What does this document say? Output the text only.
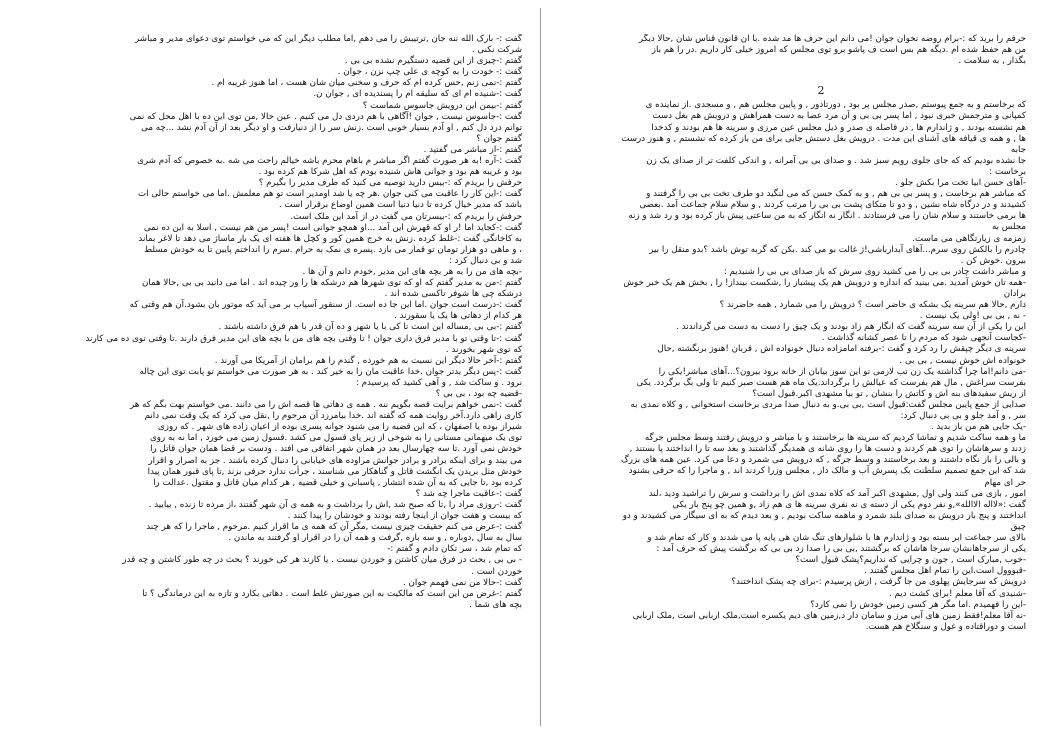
گفت :- بارک الله ننه جان ,ترتیبش را می دهم ,اما مطلب دیگر این که می خواستم توی دعوای مدیر و مباشر

شرکت نکنی .

گفتم :-چیزی از این قضیه دستگیرم نشده بی بی .

گفت :- خودت را به کوچه ی علی چپ نزن ، جوان .

گفتم :-نمی زنم ,حس کرده ام که حرف و سخنی میان شان هست ، اما هنوز غریبه ام .

گفت :-شنیده ام ای که سلیقه ام را پسندیده ای , جوان ن.

گفتم :-بیمن این درویش جاسوس شماست ؟

گفت :-جاسوس نیست , جوان !آگاهی با هم دردی دل می کنیم . عین حالا ,من توی این ده با اهل محل که نمی

توانم درد دل کنم , او آدم بسیار خوبی است .زنش سر را از دنیارفت و او دیگر بعد از آن آدم نشد ...چه می

گفتم جوان ؟

گفتم :-از مباشر می گفتید .

گفت :-آره !به هر صورت گفتم اگر مباشر م باهام محرم باشه خیالم راحت می شه .به خصوص که آدم شری

بود و غریبه هم بود و جوانی هاش شنیده بودم که اهل شرکا هم کرده بود .

حرفش را بریدم که :-بیس دارید توصیه می کنید که طرف مدیر را بگیرم ؟

گفت :-این کار را عاقبت می کنی جوان .هر چه یا شد اومدیر است تو هم معلمش .اما می خواستم حالی ات

باشد که مدیر خیال کرده تا دنیا دنیا است همین اوضاع برقرار است .

حرفش را بریدم که :-بیسرتان می گفت در از آمد این ملک است.

گفت :-کجاید اما !ر او که قهرش این آمد ...او همچو جوانی است !پسر من هم نیست , اسلا به این ده نمی

به کاخانگی گفت :-غلط کرده .زنش به خرج همین کور و کچل ها هفته ای یک بار ماساژ می دهد تا لاغر بماند

، و ماهی دو هزار تومان تو قمار می بازد .پسره ی نمک به حرام .سرم را انداختم پایین تا به خودش مسلط

شد و بی دنبال کرد :

-بچه های من را به هر بچه های این مدیر ,خودم دانم و آن ها .

گفتم :-من به مدیر گفتم که او که توی شهرها هم درشکه ها را ور چیده اند . اما می دانید بی بی ,حالا همان

درشکه چی ها شوفر تاکسی شده اند .

گفت :-درست است جوان .اما این جا ده است. از سنقور آسیاب بر می آید که موتور بان بشود.آن هم وقتی که

هر کدام از دهاتی ها یک یا سقورند .

گفتم :-بی بی ,مساله این است تا کی با یا شهر و ده آن قدر با هم فرق داشته باشند .

گفت :-تا وقتی تو با مدیر فرق داری جوان ! تا وقتی بچه های من با بچه های این مدیر فرق دارند .تا وقتی توی ده می کارند

که توی شهر بخورند .

گفتم :-آخر حالا دیگر این نسبت به هم خورده , گندم را هم برامان از آمریکا می آورند .

گفت :-پس دیگر بدتر جوان .خدا عاقبت مان را به خیر کند . به هر صورت می خواستم تو پابت توی این چاله

نرود . و ساکت شد , و آهی کشید که پرسیدم :

-قضیه چه بود ، بی بی ؟

گفت :-نمی خواهم برایت قصه بگویم ننه . همه ی دهاتی ها قصه اش را می دانند .می خواستم بهت بگم که هر

کاری راهی دارد.آخر روایت همه که گفته اند .خدا بیامرزد آن مرحوم را ,نقل می کرد که یک وقت نمی دانم

شیراز بوده یا اصفهان ، که این قضیه را می شنود جوانه پسری بوده از اعیان زاده های شهر . که روزی

توی یک میهمانی مستانی را به شوخی از زیر پای قسول می کشد .قسول زمین می خورد , اما نه به روی

خودش نمی آورد .تا سه چهارسال بعد در همان شهر اتفاقی می افتد . ودست بر قضا همان جوان قاتل را

می بیند و برای اینکه برادر و برادر جوانش مراوده های خیابانی را دنبال کرده باشند . جز به اصرار و اقرار

خودش مثل بریدن یک انگشت قاتل و گناهکار می شناسند ، جرأت ندارد حرفی بزند ,تا پای قبور همان پیدا

کرده بود ,تا جایی که به آن شده انتشار , پاسبانی و خیلی قضیه , هر کدام میان قاتل و مقتول .عدالت را

گفت :-عاقبت ماجرا چه شد ؟

گفت :-روزی مراد را ,تا که صبح شد ,اش را برداشت و به همه ی آن شهر گفتند ،از مرده تا زنده , بیایید .

که بیست و هفت جوان از اینجا رفته بودند و خودشان را پیدا کنند .

گفت :-عرض می کنم حقیقت چیزی نیست ,مگر آن که همه ی ما اقرار کنیم .مرحوم , ماجرا را که هر چند

سال به سال ,دوباره , و سه باره ,گرفت و همه آن را در اقرار او گرفتند به ماندن .

که تمام شد ، سر تکان دادم و گفتم :-

- بی بی , بحث در فرق میان کاشتن و خوردن نیست . یا کارند هر کی خورند ؟ بحث در چه طور کاشتن و چه قدر

خوردن است .

گفت :-حالا من نمی فهمم جوان .

گفتم :-غرض من این است که مالکیت به این صورتش غلط است . دهاتی بکارد و تازه به این درماندگی ؟ تا

بچه های شما .

حرفم را برید که :-برام روضه نخوان جوان !می دانم این حرف ها مد شده .با آن قانون قناس شان ,حالا دیگر

من هم حفظ شده ام .دیگه هم بس است ف پاشو برو توی مجلس که امروز خیلی کار داریم .در را هم باز

بگذار , به سلامت .

2

که برخاستم و به جمع پیوستم ,صدر مجلس پر بود , دورتادور , و پایین مجلس هم , و مسجدی .از نماینده ی

کمپانی و مترجمش خبری نبود , اما پسر بی بی و آن مرد عصا به دست همراهش و درویش هم بغل دست

هم نشسته بودند , و ژاندارم ها , در فاصله ی صدر و ذیل مجلس عین مرزی و سرینه ها هم بودند و کدخدا

ها , و همه ی قیافه های آشنای این مدت . درویش بغل دستش جایی برای من باز کرده که نشستم , و هنوز درست جابه

جا نشده بودیم که که جای جلوی رویم سبز شد . و صدای بی بی آمرانه , و اندکی کلفت تر از صدای یک زن

برخاست :

-آهای حسن ابیا تخت مرا بکش جلو .

که مباشر هم برخاست , و پسر بی بی هم , و به کمک حسن که می لنگید دو طرف تخت بی بی را گرفتند و

کشیدند و در درگاه شاه نشین , و دو تا متکای پشت بی بی را مرتب کردند , و سلام سلام جماعت آمد .بعضی

ها برمی خاستند و سلام شان را می فرستادند . انگار نه انگار که به من ساعتی پیش باز کرده بود و رد شد و زنه مجلس به

زمزمه ی زیارتگاهی می ماست.

چادرم را بالکش روی سرم...آهای آبدارباشی!ژ غالت بو می کند .بکن که گربه توش باشد ؟بدو منقل را بیر

بیرون .خوش کن .

و مباشر داشت چادر بی بی را می کشید روی سرش که باز صدای بی بی را شنیدیم :

-همه تان خوش آمدید .می بینید که اندازه و درویش هم یک پیشباز را ,شکست بینداز! را , بخش هم یک خبر خوش برادان

دارم ,حالا هم سرینه یک بشکه ی حاضر است ؟ درویش را می شمارد , همه حاضرند ؟

- نه , بی بی !ولی یک نیست .

این را یکی از آن سه سرینه گفت که انگار هم زاد بودند و یک چیق را دست به دست می گرداندند .

-کجاست آنجهی شود که مردم را تا عصر کشانه گذاشت .

سرینه ی دیگر چپقش را رد کرد و گفت :-برفته امامزاده دنبال خونواده اش , قربان !هنوز برنگشته ,حال

خونواده اش خوش نیست , بی بی .

-می دانم!اما چرا گذاشته یک زن تب لازمی تو این سوز بیابان از خانه برود بیرون؟...آهای مباشر!یکی را

بفرست سراغش , مال هم بفرست که عیالش را برگرداند.یک ماه هم هست صبر کنیم تا ولی بگ برگردد. یکی

از ریش سفیدهای بنه اش و کاتش را بنشان , تو بیا مشهدی اکبر.قبول است؟

صدایی از جمع پایین مجلس گفت:قبول است ,بی بی.و به دنبال صدا مردی برخاست استخوانی , و کلاه نمدی به

سر , و آمد جلو و بی بی دنبال کرد:

-یک جایی هم من باز بدید .

ما و همه ساکت شدیم و تماشا کردیم که سرینه ها برخاستند و با مباشر و درویش رفتند وسط مجلس جرگه

زدند و سرهاشان را توی هم کردند و دست ها را روی شانه ی همدیگر گذاشتند و بعد سه تا را انداختند پا بستند ,

و بالی را باز نگاه داشتند و بعد برخاستند و وسط جرگه , که درویش می شمرد و دعا می کرد. عین همه های بزرگ

شد که این جمع تصمیم سلطنت یک پسرش آب و مالک دار , مجلس وزرا کردند اند , و ماجرا را که حرفی بشنود حر ای مهام

امور , بازی می کنند ولی اول ,مشهدی اکبر آمد که کلاه نمدی اش را برداشت و سرش را تراشید ودید ،لند

گفت :«لااله الاالله»,و نفر دوم یکی از دسته ی نه نفری سرینه ها ی هم زاد ,و همین چو پنج بار یکی

انداختند و پنج بار درویش به صدای بلند شمرد و ماهمه ساکت بودیم , و بعد دیدم که به ای سیگار می کشیدند و دو چپق

بالای سر جماعت ابر بسته بود و ژاندارم ها با شلوارهای تنگ شان هی پایه پا می شدند و کار که تمام شد و

یکی از سرجاهانشان سرجا هاشان که برگشتند ,بی بی را صدا زد بی بی که برگشت پیش که حرف آمد :

-خوب ,مبارک است , جون و چرایی که نداریم؟پشک قبول است؟

-قبووول است.این را تمام اهل مجلس گفتند .

درویش که سرجایش پهلوی من جا گرفت , ازش پرسیدم :-برای چه پشک انداختند؟

-شنیدی که آقا معلم !برای کشت دیم .

-این را فهمیدم .اما مگر هر کسی زمین خودش را نمی کارد؟

-نه آقا معلم!فقط زمین های آبی مرز و سامان دار د,زمین های دیم یکسره است,ملک اربابی است ,ملک اربابی

است و دوراقتاده و غول و سنگلاخ هم هست.
